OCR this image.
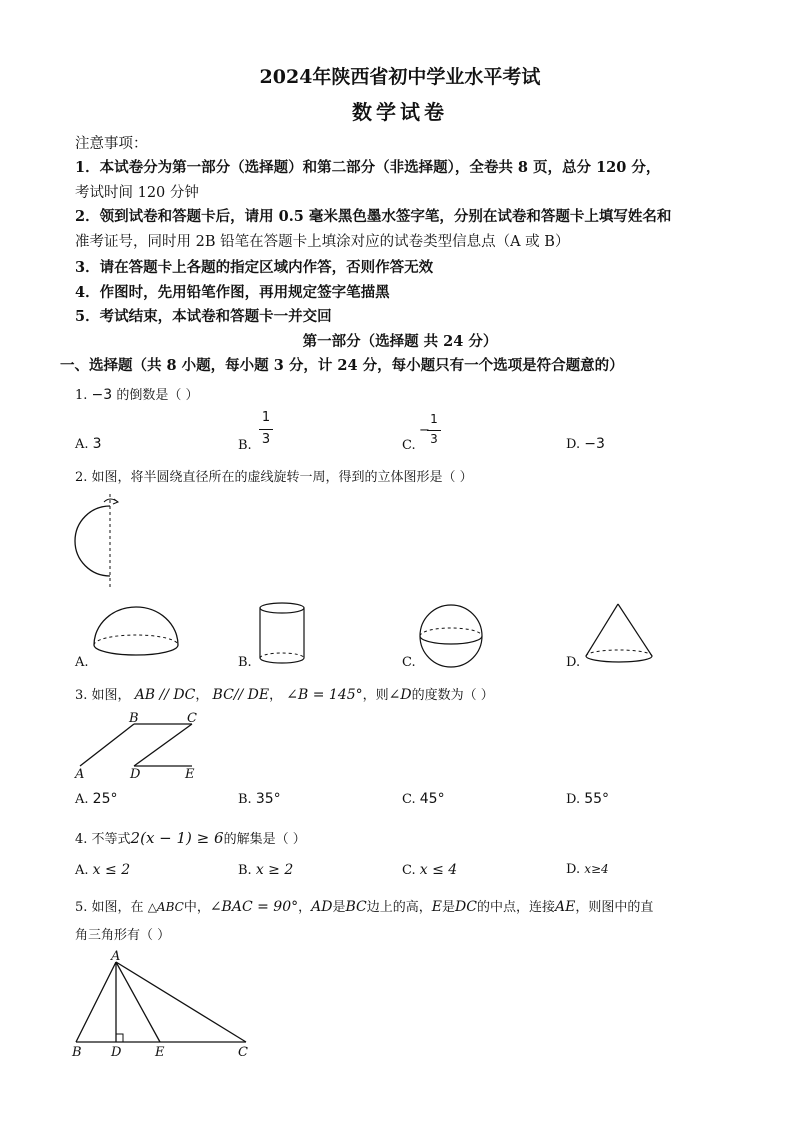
2024年陕西省初中学业水平考试
数学试卷
注意事项：
1．本试卷分为第一部分（选择题）和第二部分（非选择题），全卷共 8 页，总分 120 分，
考试时间 120 分钟
2．领到试卷和答题卡后，请用 0.5 毫米黑色墨水签字笔，分别在试卷和答题卡上填写姓名和
准考证号，同时用 2B 铅笔在答题卡上填涂对应的试卷类型信息点（A 或 B）
3．请在答题卡上各题的指定区域内作答，否则作答无效
4．作图时，先用铅笔作图，再用规定签字笔描黑
5．考试结束，本试卷和答题卡一并交回
第一部分（选择题 共 24 分）
一、选择题（共 8 小题，每小题 3 分，计 24 分，每小题只有一个选项是符合题意的）
1. −3 的倒数是（ ）
A. 3	B.
1
3	C.
−
1
3	D. −3
2. 如图，将半圆绕直径所在的虚线旋转一周，得到的立体图形是（ ）
A.	B.	C.	D.
3. 如图， AB // DC， BC// DE， ∠B = 145°，则∠D的度数为（ ）
B	C
A	D	E
A. 25°	B. 35°	C. 45°	D. 55°
4. 不等式2(x − 1) ≥ 6的解集是（ ）
A. x ≤ 2	B. x ≥ 2	C. x ≤ 4	D. x≥4
5. 如图，在 △ABC中，∠BAC = 90°，AD是BC边上的高，E是DC的中点，连接AE，则图中的直
角三角形有（ ）
A
B D	E	C
